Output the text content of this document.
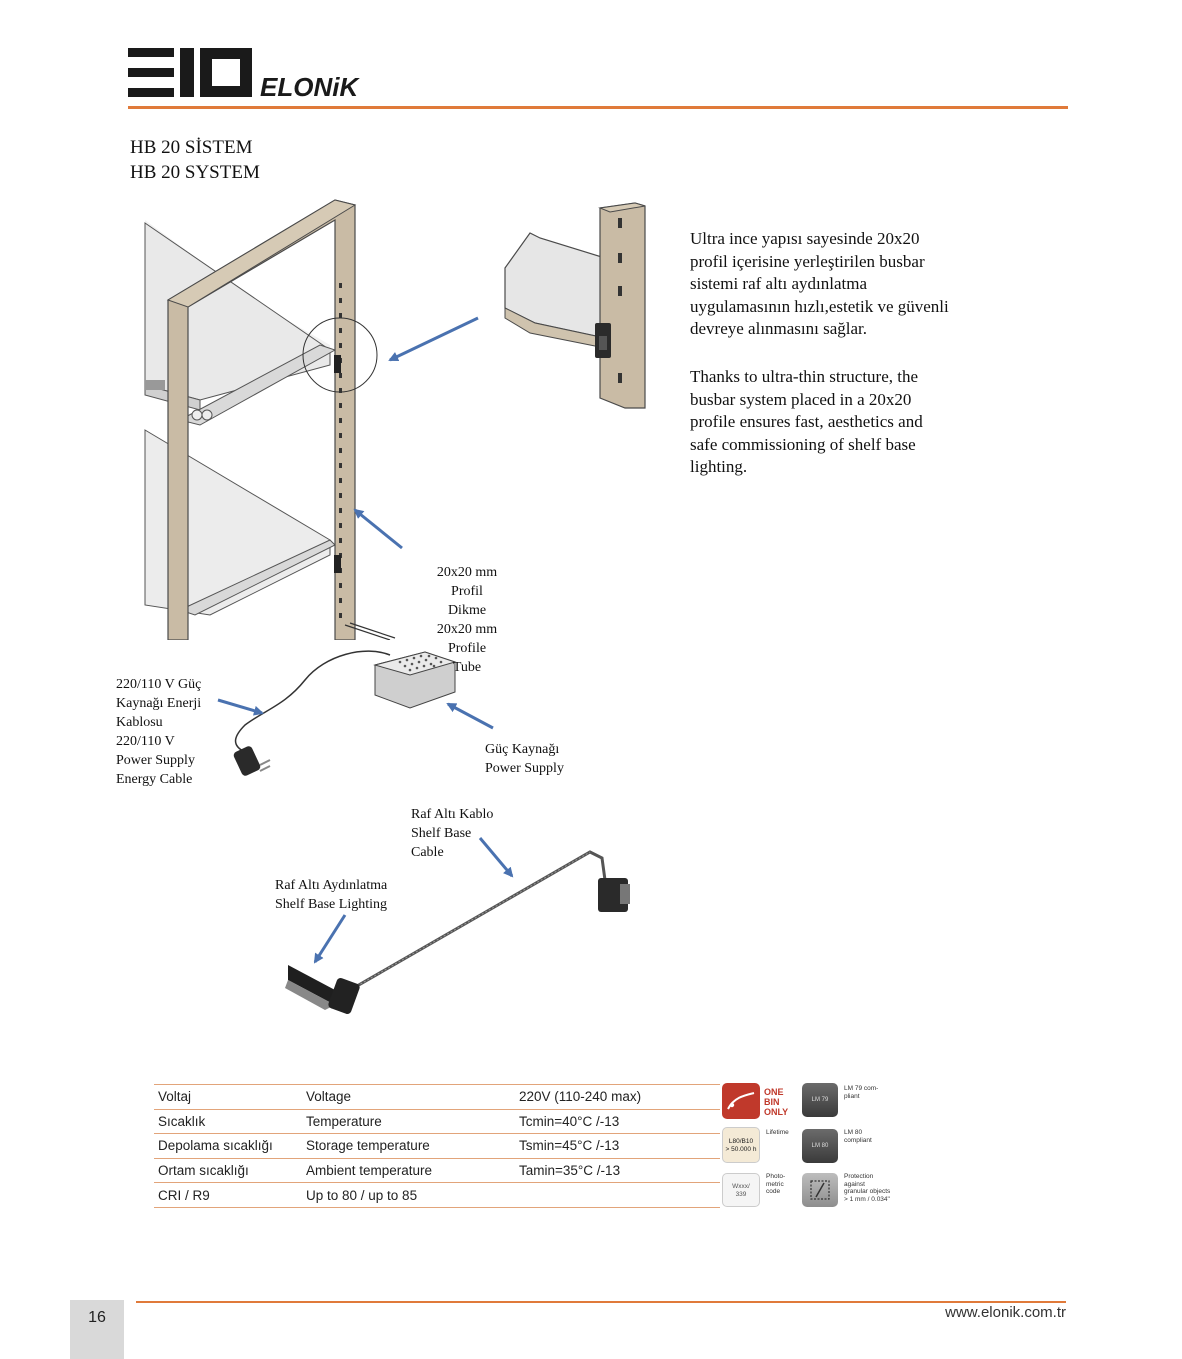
ELONiK
HB 20 SİSTEM
HB 20 SYSTEM
Ultra ince yapısı sayesinde 20x20
profil içerisine yerleştirilen busbar
sistemi raf altı aydınlatma
uygulamasının hızlı,estetik ve güvenli
devreye alınmasını sağlar.
Thanks to ultra-thin structure, the
busbar system placed in a 20x20
profile ensures fast, aesthetics and
safe commissioning of shelf base
lighting.
20x20 mm
Profil
Dikme
20x20 mm
Profile
Tube
220/110 V Güç
Kaynağı Enerji
Kablosu
220/110 V
Power Supply
Energy Cable
Güç Kaynağı
Power Supply
Raf Altı Kablo
Shelf Base
Cable
Raf Altı Aydınlatma
Shelf Base Lighting
Voltaj	Voltage	220V (110-240 max)
Sıcaklık	Temperature	Tcmin=40°C /-13
Depolama sıcaklığı	Storage temperature	Tsmin=45°C /-13
Ortam sıcaklığı	Ambient temperature	Tamin=35°C /-13
CRI / R9	Up to 80 / up to 85	
ONE
BIN
ONLY
LM 79
LM 79 com-
pliant
L80/B10
> 50.000 h
Lifetime
LM 80
LM 80
compliant
Wxxx/
339
Photo-
metric
code
Protection
against
granular objects
> 1 mm / 0.034"
16	www.elonik.com.tr
